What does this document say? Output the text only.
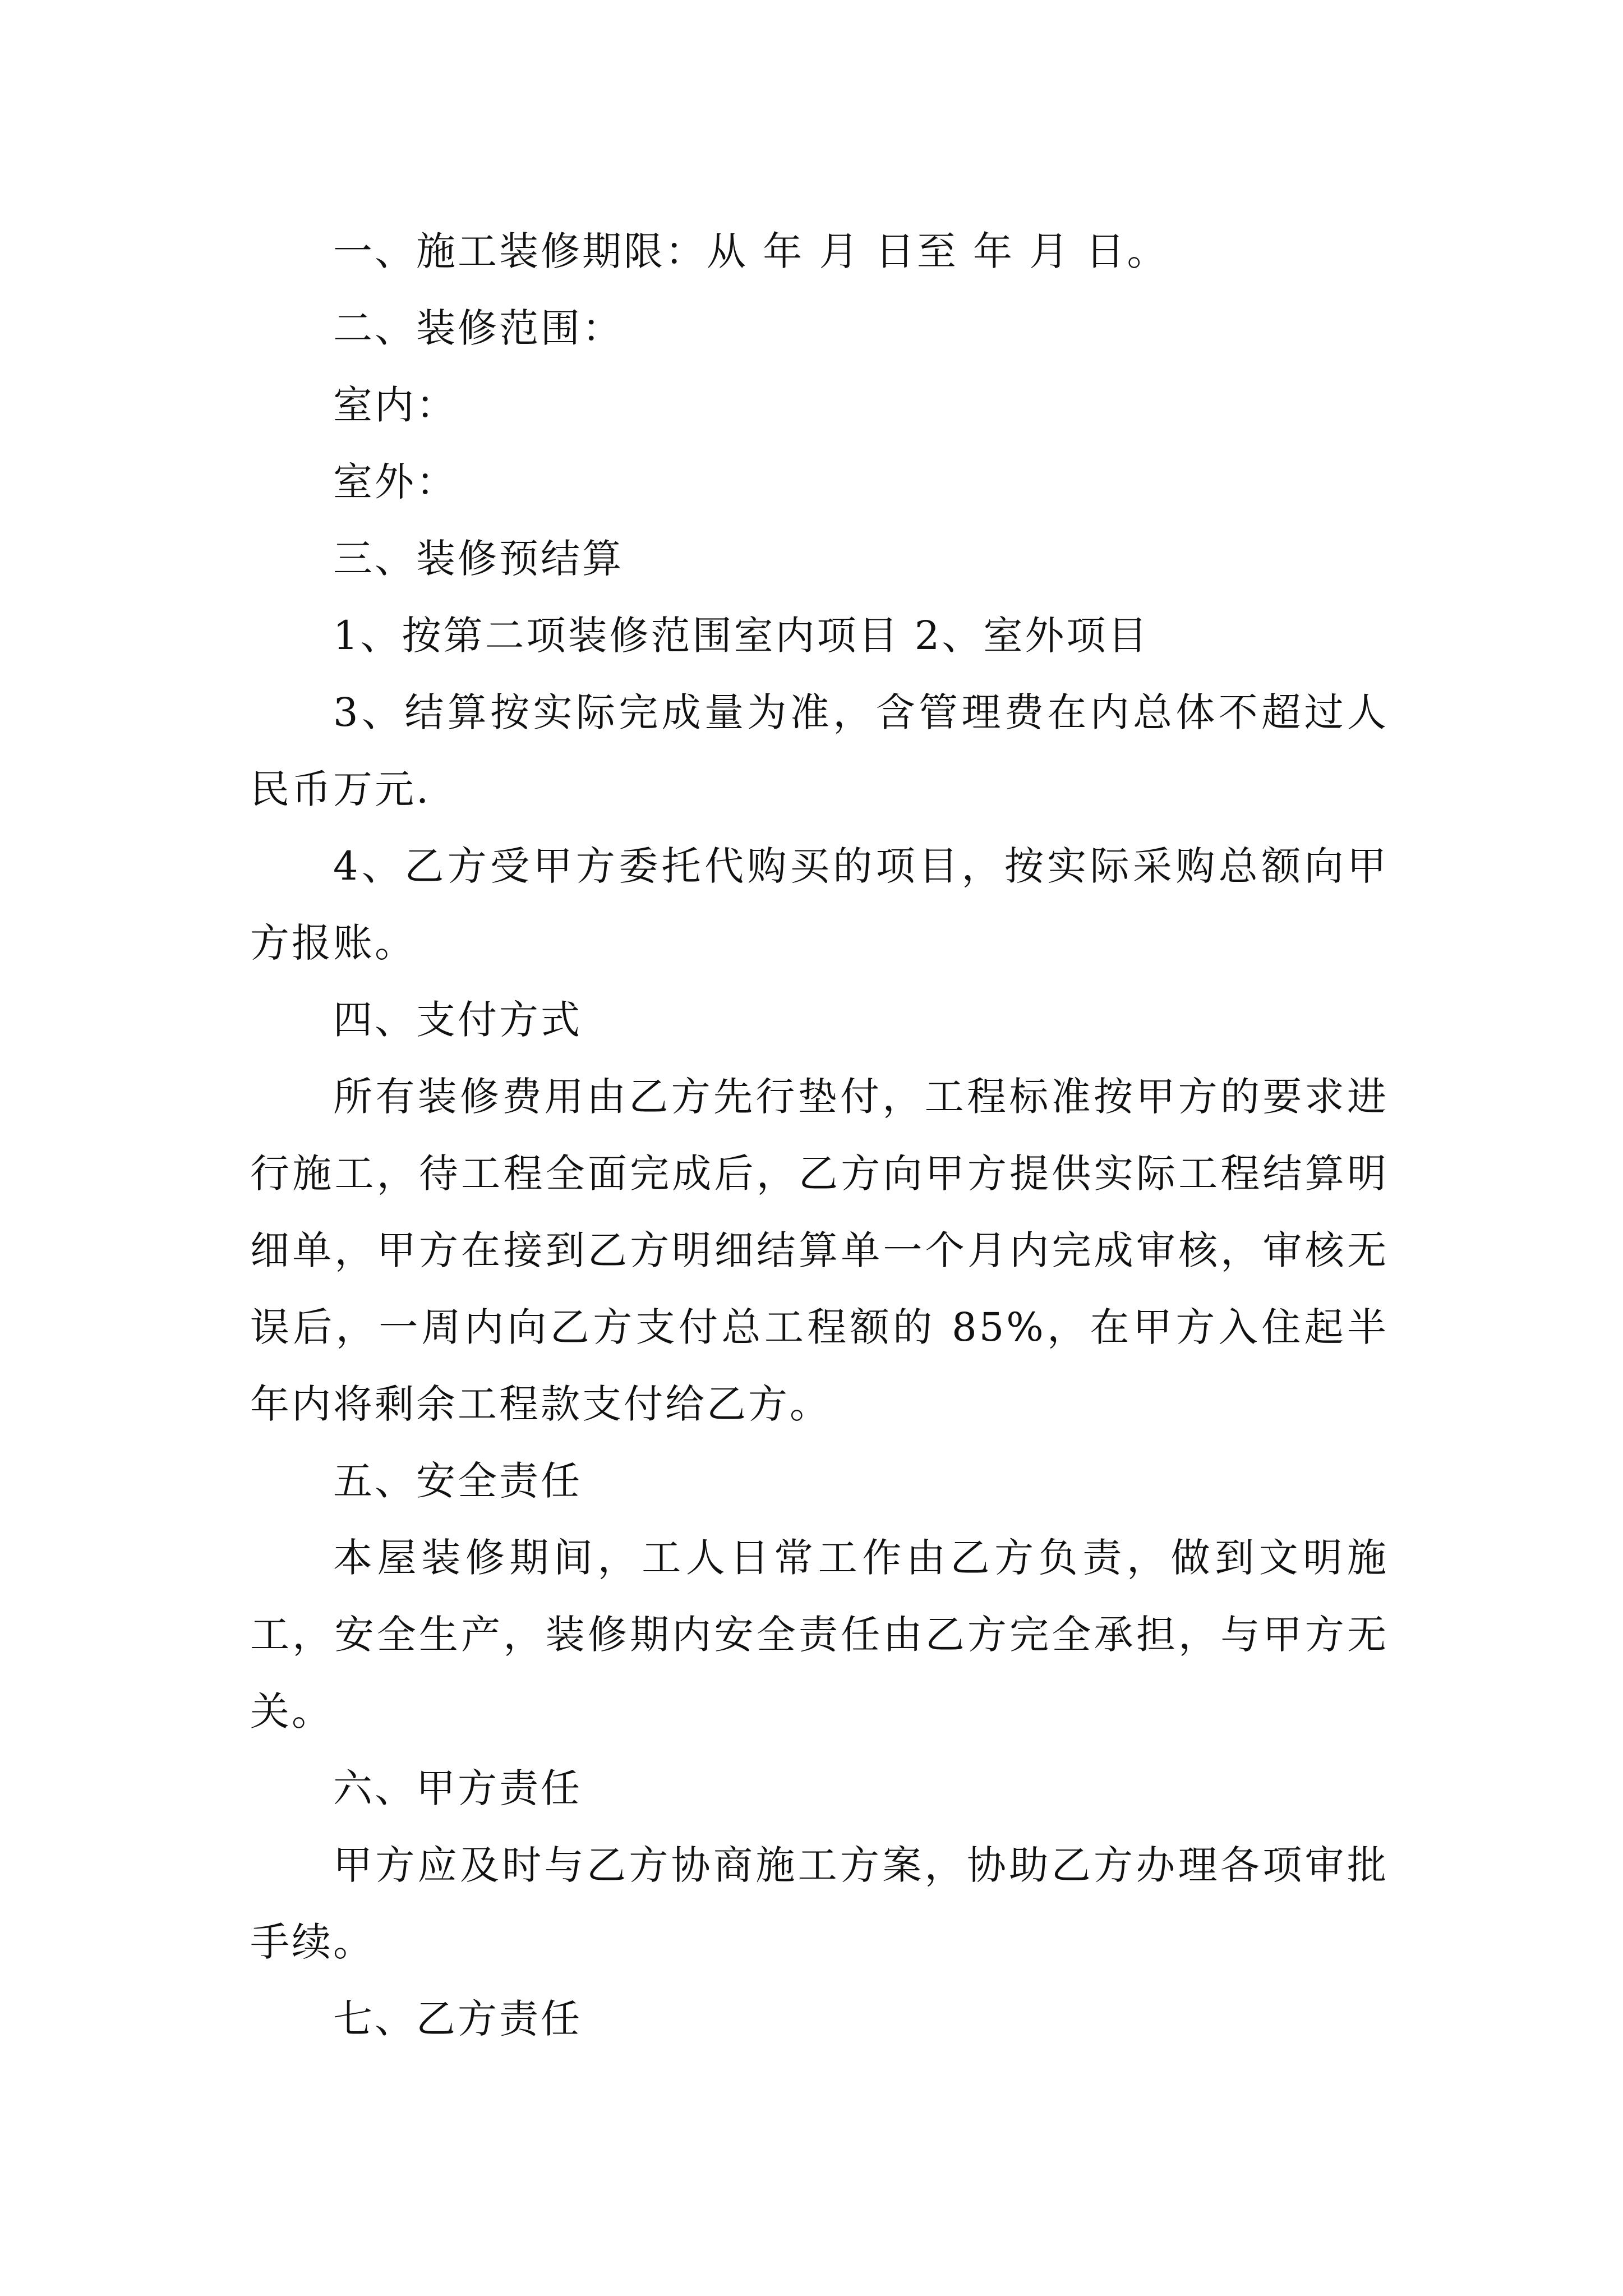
一、施工装修期限：从 年 月 日至 年 月 日。

二、装修范围：

室内：

室外：

三、装修预结算

1、按第二项装修范围室内项目 2、室外项目

3、结算按实际完成量为准，含管理费在内总体不超过人民币万元.

4、乙方受甲方委托代购买的项目，按实际采购总额向甲方报账。

四、支付方式

所有装修费用由乙方先行垫付，工程标准按甲方的要求进行施工，待工程全面完成后，乙方向甲方提供实际工程结算明细单，甲方在接到乙方明细结算单一个月内完成审核，审核无误后，一周内向乙方支付总工程额的 85%，在甲方入住起半年内将剩余工程款支付给乙方。

五、安全责任

本屋装修期间，工人日常工作由乙方负责，做到文明施工，安全生产，装修期内安全责任由乙方完全承担，与甲方无关。

六、甲方责任

甲方应及时与乙方协商施工方案，协助乙方办理各项审批手续。

七、乙方责任
